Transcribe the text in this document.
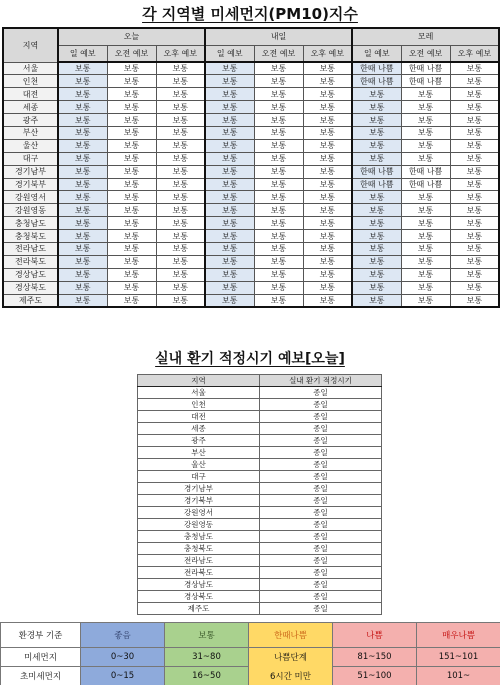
각 지역별 미세먼지(PM10)지수
지역	오늘			내일			모레		
	일 예보	오전 예보	오후 예보	일 예보	오전 예보	오후 예보	일 예보	오전 예보	오후 예보
서울	보통	보통	보통	보통	보통	보통	한때 나쁨	한때 나쁨	보통
인천	보통	보통	보통	보통	보통	보통	한때 나쁨	한때 나쁨	보통
대전	보통	보통	보통	보통	보통	보통	보통	보통	보통
세종	보통	보통	보통	보통	보통	보통	보통	보통	보통
광주	보통	보통	보통	보통	보통	보통	보통	보통	보통
부산	보통	보통	보통	보통	보통	보통	보통	보통	보통
울산	보통	보통	보통	보통	보통	보통	보통	보통	보통
대구	보통	보통	보통	보통	보통	보통	보통	보통	보통
경기남부	보통	보통	보통	보통	보통	보통	한때 나쁨	한때 나쁨	보통
경기북부	보통	보통	보통	보통	보통	보통	한때 나쁨	한때 나쁨	보통
강원영서	보통	보통	보통	보통	보통	보통	보통	보통	보통
강원영동	보통	보통	보통	보통	보통	보통	보통	보통	보통
충청남도	보통	보통	보통	보통	보통	보통	보통	보통	보통
충청북도	보통	보통	보통	보통	보통	보통	보통	보통	보통
전라남도	보통	보통	보통	보통	보통	보통	보통	보통	보통
전라북도	보통	보통	보통	보통	보통	보통	보통	보통	보통
경상남도	보통	보통	보통	보통	보통	보통	보통	보통	보통
경상북도	보통	보통	보통	보통	보통	보통	보통	보통	보통
제주도	보통	보통	보통	보통	보통	보통	보통	보통	보통
실내 환기 적정시기 예보[오늘]
지역	실내 환기 적정시기
서울	종일
인천	종일
대전	종일
세종	종일
광주	종일
부산	종일
울산	종일
대구	종일
경기남부	종일
경기북부	종일
강원영서	종일
강원영동	종일
충청남도	종일
충청북도	종일
전라남도	종일
전라북도	종일
경상남도	종일
경상북도	종일
제주도	종일
환경부 기준	좋음	보통	한때나쁨	나쁨	매우나쁨
미세먼지	0~30	31~80	나쁨단계	81~150	151~101
초미세먼지	0~15	16~50	6시간 미만	51~100	101~
